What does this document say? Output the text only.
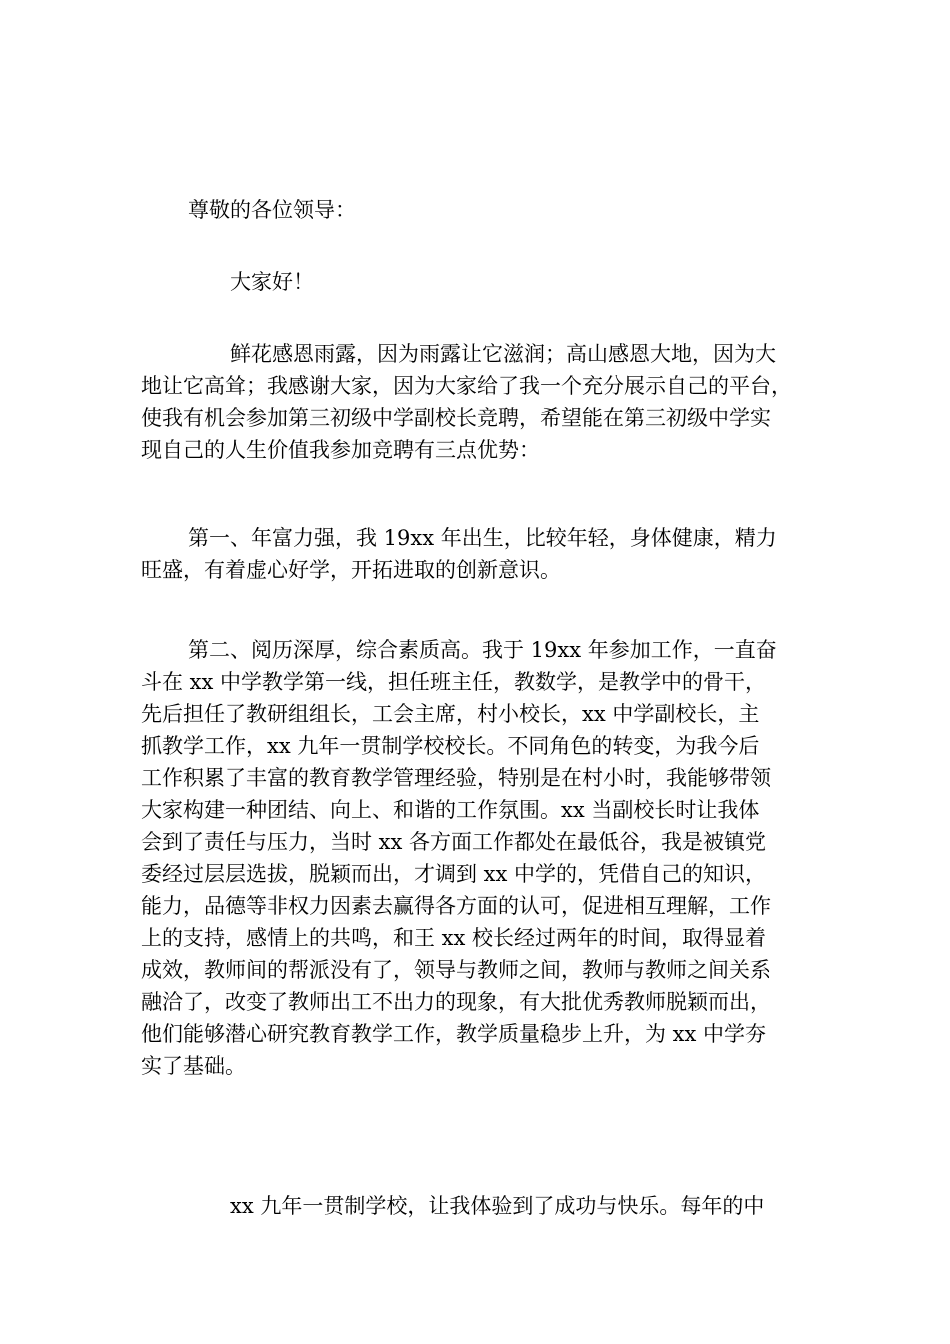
尊敬的各位领导：
大家好！
鲜花感恩雨露，因为雨露让它滋润；高山感恩大地，因为大
地让它高耸；我感谢大家，因为大家给了我一个充分展示自己的平台，
使我有机会参加第三初级中学副校长竞聘，希望能在第三初级中学实
现自己的人生价值我参加竞聘有三点优势：
第一、年富力强，我 19xx 年出生，比较年轻，身体健康，精力
旺盛，有着虚心好学，开拓进取的创新意识。
第二、阅历深厚，综合素质高。我于 19xx 年参加工作，一直奋
斗在 xx 中学教学第一线，担任班主任，教数学，是教学中的骨干，
先后担任了教研组组长，工会主席，村小校长，xx 中学副校长，主
抓教学工作，xx 九年一贯制学校校长。不同角色的转变，为我今后
工作积累了丰富的教育教学管理经验，特别是在村小时，我能够带领
大家构建一种团结、向上、和谐的工作氛围。xx 当副校长时让我体
会到了责任与压力，当时 xx 各方面工作都处在最低谷，我是被镇党
委经过层层选拔，脱颖而出，才调到 xx 中学的，凭借自己的知识，
能力，品德等非权力因素去赢得各方面的认可，促进相互理解，工作
上的支持，感情上的共鸣，和王 xx 校长经过两年的时间，取得显着
成效，教师间的帮派没有了，领导与教师之间，教师与教师之间关系
融洽了，改变了教师出工不出力的现象，有大批优秀教师脱颖而出，
他们能够潜心研究教育教学工作，教学质量稳步上升，为 xx 中学夯
实了基础。
xx 九年一贯制学校，让我体验到了成功与快乐。每年的中
